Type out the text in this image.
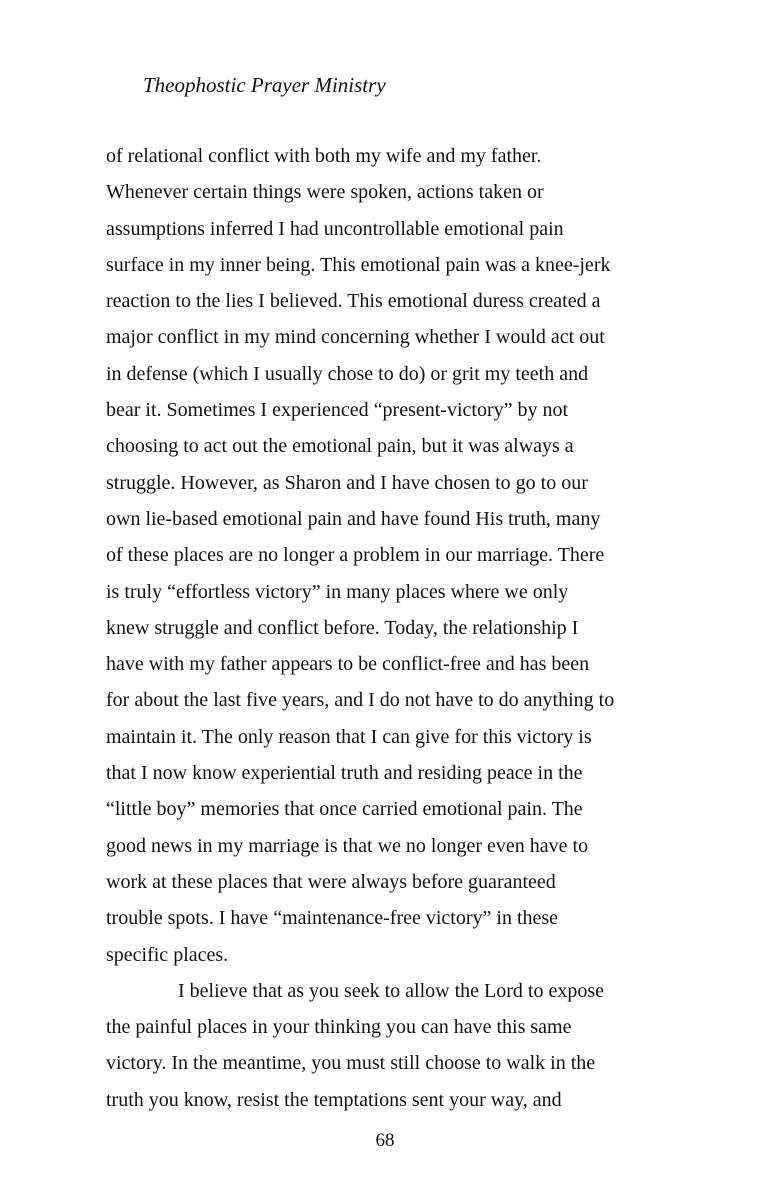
Theophostic Prayer Ministry
of relational conflict with both my wife and my father.
Whenever certain things were spoken, actions taken or
assumptions inferred I had uncontrollable emotional pain
surface in my inner being. This emotional pain was a knee-jerk
reaction to the lies I believed. This emotional duress created a
major conflict in my mind concerning whether I would act out
in defense (which I usually chose to do) or grit my teeth and
bear it. Sometimes I experienced “present-victory” by not
choosing to act out the emotional pain, but it was always a
struggle. However, as Sharon and I have chosen to go to our
own lie-based emotional pain and have found His truth, many
of these places are no longer a problem in our marriage. There
is truly “effortless victory” in many places where we only
knew struggle and conflict before. Today, the relationship I
have with my father appears to be conflict-free and has been
for about the last five years, and I do not have to do anything to
maintain it. The only reason that I can give for this victory is
that I now know experiential truth and residing peace in the
“little boy” memories that once carried emotional pain. The
good news in my marriage is that we no longer even have to
work at these places that were always before guaranteed
trouble spots. I have “maintenance-free victory” in these
specific places.
I believe that as you seek to allow the Lord to expose
the painful places in your thinking you can have this same
victory. In the meantime, you must still choose to walk in the
truth you know, resist the temptations sent your way, and
68
